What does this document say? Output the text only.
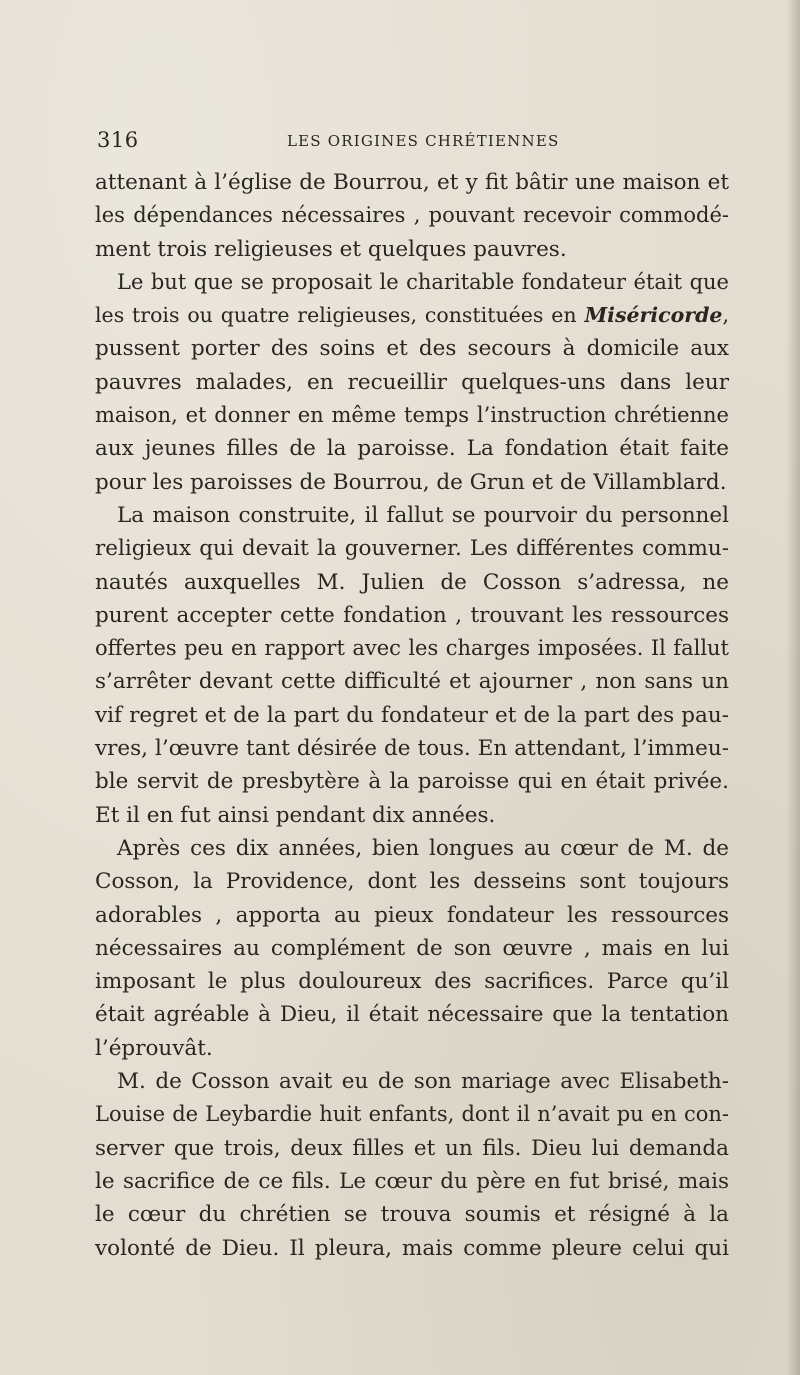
316	LES ORIGINES CHRÉTIENNES
attenant à l’église de Bourrou, et y fit bâtir une maison et
les dépendances nécessaires , pouvant recevoir commodé-
ment trois religieuses et quelques pauvres.
Le but que se proposait le charitable fondateur était que
les trois ou quatre religieuses, constituées en Miséricorde,
pussent porter des soins et des secours à domicile aux
pauvres malades, en recueillir quelques-uns dans leur
maison, et donner en même temps l’instruction chrétienne
aux jeunes filles de la paroisse. La fondation était faite
pour les paroisses de Bourrou, de Grun et de Villamblard.
La maison construite, il fallut se pourvoir du personnel
religieux qui devait la gouverner. Les différentes commu-
nautés auxquelles M. Julien de Cosson s’adressa, ne
purent accepter cette fondation , trouvant les ressources
offertes peu en rapport avec les charges imposées. Il fallut
s’arrêter devant cette difficulté et ajourner , non sans un
vif regret et de la part du fondateur et de la part des pau-
vres, l’œuvre tant désirée de tous. En attendant, l’immeu-
ble servit de presbytère à la paroisse qui en était privée.
Et il en fut ainsi pendant dix années.
Après ces dix années, bien longues au cœur de M. de
Cosson, la Providence, dont les desseins sont toujours
adorables , apporta au pieux fondateur les ressources
nécessaires au complément de son œuvre , mais en lui
imposant le plus douloureux des sacrifices. Parce qu’il
était agréable à Dieu, il était nécessaire que la tentation
l’éprouvât.
M. de Cosson avait eu de son mariage avec Elisabeth-
Louise de Leybardie huit enfants, dont il n’avait pu en con-
server que trois, deux filles et un fils. Dieu lui demanda
le sacrifice de ce fils. Le cœur du père en fut brisé, mais
le cœur du chrétien se trouva soumis et résigné à la
volonté de Dieu. Il pleura, mais comme pleure celui qui
